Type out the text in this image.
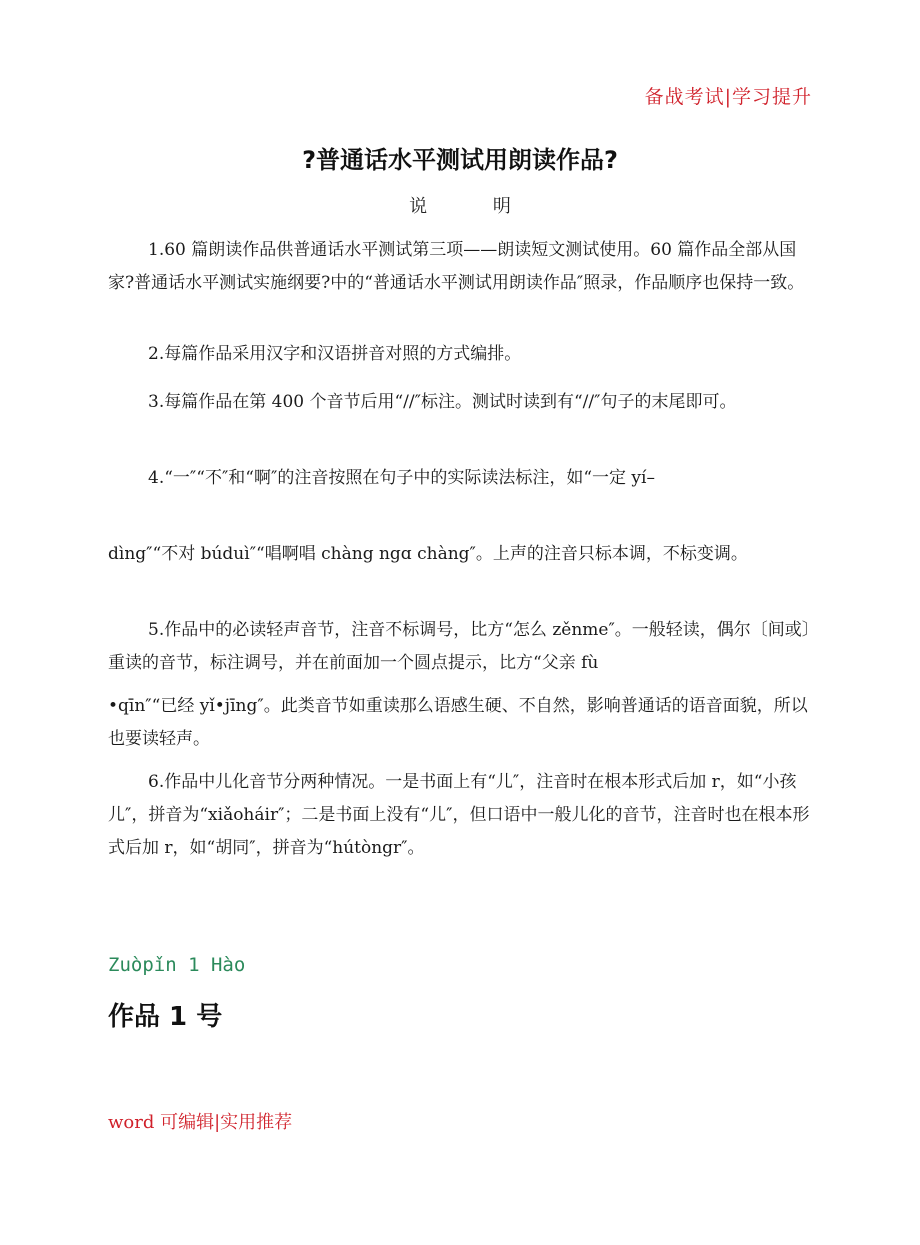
备战考试|学习提升
?普通话水平测试用朗读作品?
说 明
1.60 篇朗读作品供普通话水平测试第三项——朗读短文测试使用。60 篇作品全部从国家?普通话水平测试实施纲要?中的“普通话水平测试用朗读作品″照录，作品顺序也保持一致。
2.每篇作品采用汉字和汉语拼音对照的方式编排。
3.每篇作品在第 400 个音节后用“//″标注。测试时读到有“//″句子的末尾即可。
4.“一″“不″和“啊″的注音按照在句子中的实际读法标注，如“一定 yí–
dìng″“不对 búduì″“唱啊唱 chàng ngɑ chàng″。上声的注音只标本调，不标变调。
5.作品中的必读轻声音节，注音不标调号，比方“怎么 zěnme″。一般轻读，偶尔〔间或〕重读的音节，标注调号，并在前面加一个圆点提示，比方“父亲 fù
•qīn″“已经 yǐ•jīng″。此类音节如重读那么语感生硬、不自然，影响普通话的语音面貌，所以也要读轻声。
6.作品中儿化音节分两种情况。一是书面上有“儿″，注音时在根本形式后加 r，如“小孩儿″，拼音为“xiǎoháir″；二是书面上没有“儿″，但口语中一般儿化的音节，注音时也在根本形式后加 r，如“胡同″，拼音为“hútòngr″。
Zuòpǐn 1 Hào
作品 1 号
word 可编辑|实用推荐
